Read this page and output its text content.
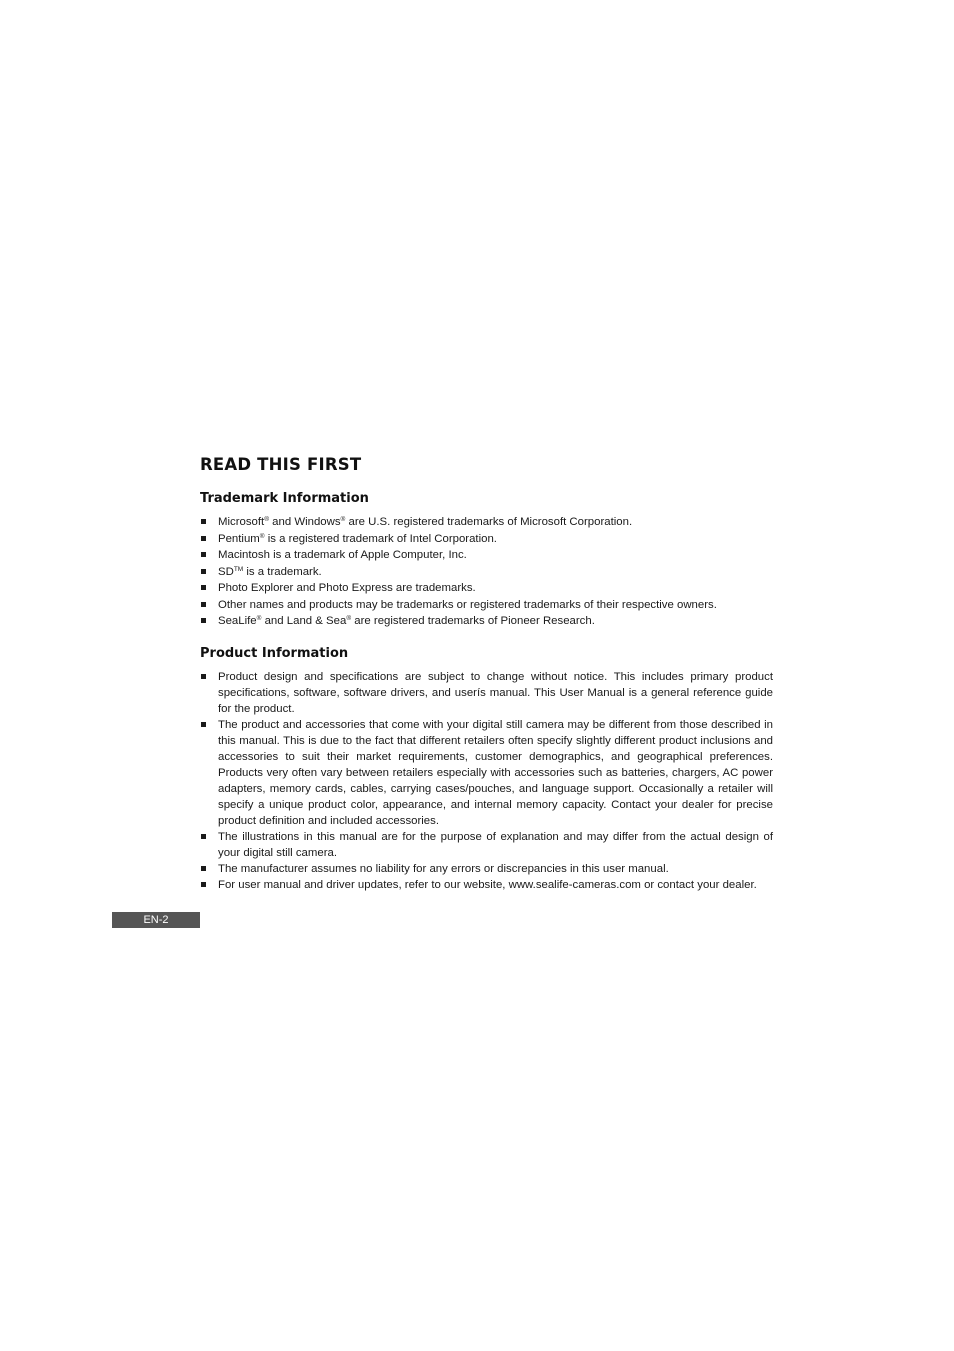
READ THIS FIRST
Trademark Information
Microsoft® and Windows® are U.S. registered trademarks of Microsoft Corporation.
Pentium® is a registered trademark of Intel Corporation.
Macintosh is a trademark of Apple Computer, Inc.
SD™ is a trademark.
Photo Explorer and Photo Express are trademarks.
Other names and products may be trademarks or registered trademarks of their respective owners.
SeaLife® and Land & Sea® are registered trademarks of Pioneer Research.
Product Information
Product design and specifications are subject to change without notice. This includes primary product specifications, software, software drivers, and userís manual. This User Manual is a general reference guide for the product.
The product and accessories that come with your digital still camera may be different from those described in this manual. This is due to the fact that different retailers often specify slightly different product inclusions and accessories to suit their market requirements, customer demographics, and geographical preferences. Products very often vary between retailers especially with accessories such as batteries, chargers, AC power adapters, memory cards, cables, carrying cases/pouches, and language support. Occasionally a retailer will specify a unique product color, appearance, and internal memory capacity. Contact your dealer for precise product definition and included accessories.
The illustrations in this manual are for the purpose of explanation and may differ from the actual design of your digital still camera.
The manufacturer assumes no liability for any errors or discrepancies in this user manual.
For user manual and driver updates, refer to our website, www.sealife-cameras.com or contact your dealer.
EN-2
